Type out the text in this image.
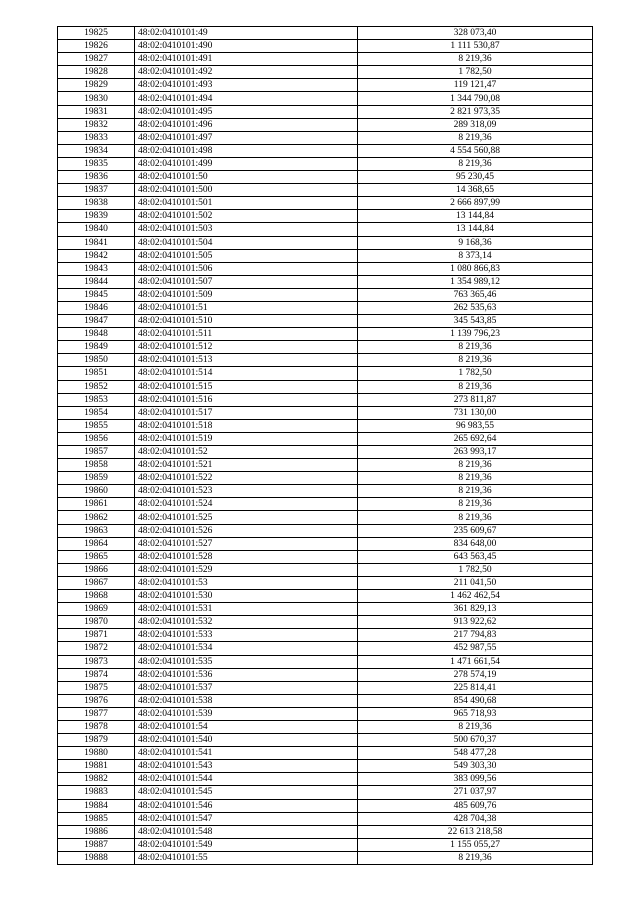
19825	48:02:0410101:49	328 073,40
19826	48:02:0410101:490	1 111 530,87
19827	48:02:0410101:491	8 219,36
19828	48:02:0410101:492	1 782,50
19829	48:02:0410101:493	119 121,47
19830	48:02:0410101:494	1 344 790,08
19831	48:02:0410101:495	2 821 973,35
19832	48:02:0410101:496	289 318,09
19833	48:02:0410101:497	8 219,36
19834	48:02:0410101:498	4 554 560,88
19835	48:02:0410101:499	8 219,36
19836	48:02:0410101:50	95 230,45
19837	48:02:0410101:500	14 368,65
19838	48:02:0410101:501	2 666 897,99
19839	48:02:0410101:502	13 144,84
19840	48:02:0410101:503	13 144,84
19841	48:02:0410101:504	9 168,36
19842	48:02:0410101:505	8 373,14
19843	48:02:0410101:506	1 080 866,83
19844	48:02:0410101:507	1 354 989,12
19845	48:02:0410101:509	763 365,46
19846	48:02:0410101:51	262 535,63
19847	48:02:0410101:510	345 543,85
19848	48:02:0410101:511	1 139 796,23
19849	48:02:0410101:512	8 219,36
19850	48:02:0410101:513	8 219,36
19851	48:02:0410101:514	1 782,50
19852	48:02:0410101:515	8 219,36
19853	48:02:0410101:516	273 811,87
19854	48:02:0410101:517	731 130,00
19855	48:02:0410101:518	96 983,55
19856	48:02:0410101:519	265 692,64
19857	48:02:0410101:52	263 993,17
19858	48:02:0410101:521	8 219,36
19859	48:02:0410101:522	8 219,36
19860	48:02:0410101:523	8 219,36
19861	48:02:0410101:524	8 219,36
19862	48:02:0410101:525	8 219,36
19863	48:02:0410101:526	235 609,67
19864	48:02:0410101:527	834 648,00
19865	48:02:0410101:528	643 563,45
19866	48:02:0410101:529	1 782,50
19867	48:02:0410101:53	211 041,50
19868	48:02:0410101:530	1 462 462,54
19869	48:02:0410101:531	361 829,13
19870	48:02:0410101:532	913 922,62
19871	48:02:0410101:533	217 794,83
19872	48:02:0410101:534	452 987,55
19873	48:02:0410101:535	1 471 661,54
19874	48:02:0410101:536	278 574,19
19875	48:02:0410101:537	225 814,41
19876	48:02:0410101:538	854 490,68
19877	48:02:0410101:539	965 718,93
19878	48:02:0410101:54	8 219,36
19879	48:02:0410101:540	500 670,37
19880	48:02:0410101:541	548 477,28
19881	48:02:0410101:543	549 303,30
19882	48:02:0410101:544	383 099,56
19883	48:02:0410101:545	271 037,97
19884	48:02:0410101:546	485 609,76
19885	48:02:0410101:547	428 704,38
19886	48:02:0410101:548	22 613 218,58
19887	48:02:0410101:549	1 155 055,27
19888	48:02:0410101:55	8 219,36
